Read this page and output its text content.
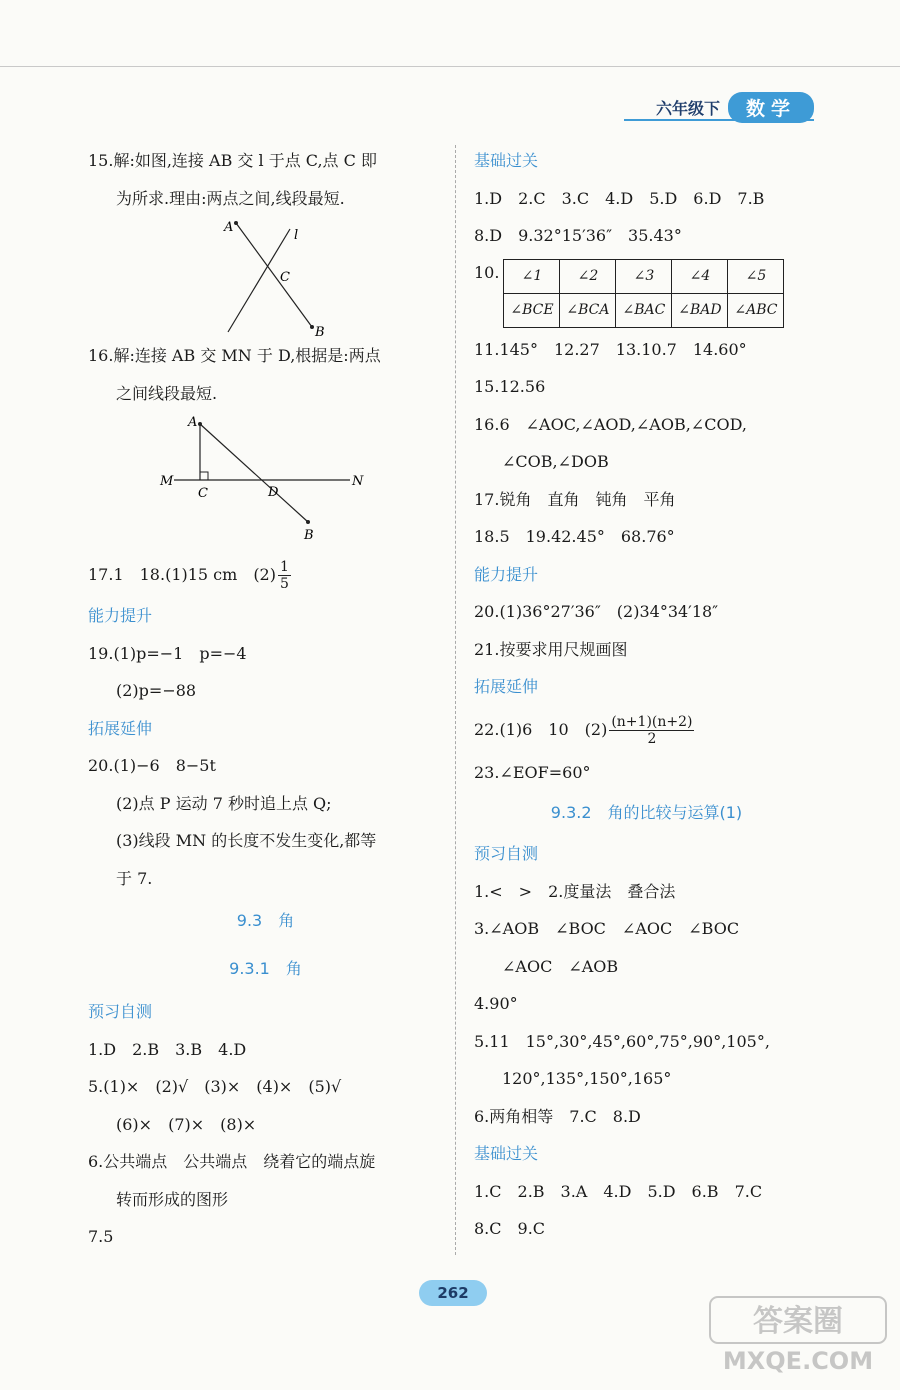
六年级下	数学
15.解:如图,连接 AB 交 l 于点 C,点 C 即
为所求.理由:两点之间,线段最短.
A
B
C
l
16.解:连接 AB 交 MN 于 D,根据是:两点
之间线段最短.
A
B
C	D
M	N
17.1　18.(1)15 cm　$(2) \frac{1}{5}$
能力提升
19.(1)p=−1　p=−4
(2)p=−88
拓展延伸
20.(1)−6　8−5t
(2)点 P 运动 7 秒时追上点 Q;
(3)线段 MN 的长度不发生变化,都等
于 7.
9.3　角
9.3.1　角
预习自测
1.D　2.B　3.B　4.D
5.(1)×　(2)√　(3)×　(4)×　(5)√
(6)×　(7)×　(8)×
6.公共端点　公共端点　绕着它的端点旋
转而形成的图形
7.5
基础过关
1.D　2.C　3.C　4.D　5.D　6.D　7.B
8.D　9.32°15′36″　35.43°
10. ∠1	∠2	∠3	∠4	∠5
∠BCE	∠BCA	∠BAC	∠BAD	∠ABC
11.145°　12.27　13.10.7　14.60°
15.12.56
16.6　∠AOC,∠AOD,∠AOB,∠COD,
∠COB,∠DOB
17.锐角　直角　钝角　平角
18.5　19.42.45°　68.76°
能力提升
20.(1)36°27′36″　(2)34°34′18″
21.按要求用尺规画图
拓展延伸
22.(1)6　10　$(2) \frac{(n+1)(n+2)}{2}$
23.∠EOF=60°
9.3.2　角的比较与运算(1)
预习自测
1.<　>　2.度量法　叠合法
3.∠AOB　∠BOC　∠AOC　∠BOC
∠AOC　∠AOB
4.90°
5.11　15°,30°,45°,60°,75°,90°,105°,
120°,135°,150°,165°
6.两角相等　7.C　8.D
基础过关
1.C　2.B　3.A　4.D　5.D　6.B　7.C
8.C　9.C
262
答案圈
MXQE.COM
